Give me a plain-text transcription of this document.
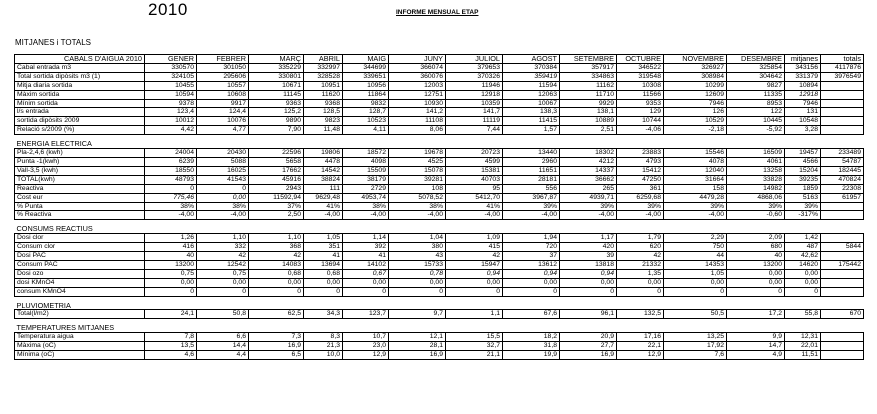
2010	INFORME MENSUAL ETAP
MITJANES i TOTALS
CABALS D'AIGUA 2010	GENER	FEBRER	MARÇ	ABRIL	MAIG	JUNY	JULIOL	AGOST	SETEMBRE	OCTUBRE	NOVEMBRE	DESEMBRE	mitjanes	totals
Cabal entrada m3	330570	301050	335229	332997	344699	366074	379653	370384	357917	346522	326927	325854	343156	4117876
Total sortida dipòsits m3 (1)	324105	295606	330801	328528	339651	360076	370326	359419	334863	319548	308984	304642	331379	3976549
Mitja diaria sortida	10455	10557	10671	10951	10956	12003	11946	11594	11162	10308	10299	9827	10894	
Màxim sortida	10594	10608	11145	11620	11864	12751	12918	12063	11710	11566	12609	11335	12918	
Mínim sortida	9378	9917	9363	9368	9832	10930	10359	10067	9929	9353	7946	8953	7946	
l/s entrada	123,4	124,4	125,2	128,5	128,7	141,2	141,7	138,3	138,1	129	126	122	131	
sortida dipòsits 2009	10012	10076	9890	9823	10523	11108	11119	11415	10889	10744	10529	10445	10548	
Relació s/2009 (%)	4,42	4,77	7,90	11,48	4,11	8,06	7,44	1,57	2,51	-4,06	-2,18	-5,92	3,28	

ENERGIA ELECTRICA														
Pla-2,4,6 (kwh)	24004	20430	22596	19806	18572	19678	20723	13440	18302	23883	15546	16509	19457	233489
Punta -1(kwh)	6239	5088	5658	4478	4098	4525	4599	2960	4212	4793	4078	4061	4566	54787
Vall-3,5 (kwh)	18550	16025	17662	14542	15509	15078	15381	11651	14337	15412	12040	13258	15204	182445
TOTAL(kwh)	48793	41543	45916	38824	38179	39281	40703	28181	36662	47250	31664	33828	39235	470824
Reactiva	0	0	2943	111	2729	108	95	556	265	361	158	14982	1859	22308
Cost eur	775,46	0,00	11592,94	9629,48	4953,74	5078,52	5412,70	3967,87	4939,71	6259,68	4479,28	4868,06	5163	61957
% Punta	38%	38%	37%	41%	38%	38%	41%	39%	39%	39%	39%	39%	39%	
% Reactiva	-4,00	-4,00	2,50	-4,00	-4,00	-4,00	-4,00	-4,00	-4,00	-4,00	-4,00	-0,60	-317%	

CONSUMS REACTIUS														
Dosi clor	1,26	1,10	1,10	1,05	1,14	1,04	1,09	1,94	1,17	1,79	2,29	2,09	1,42	
Consum clor	416	332	368	351	392	380	415	720	420	620	750	680	487	5844
Dosi PAC	40	42	42	41	41	43	42	37	39	42	44	40	42,62	
Consum PAC	13200	12542	14083	13694	14102	15733	15947	13612	13818	21332	14353	13200	14620	175442
Dosi ozo	0,75	0,75	0,68	0,68	0,67	0,78	0,94	0,94	0,94	1,35	1,05	0,00	0,00	
dosi KMnO4	0,00	0,00	0,00	0,00	0,00	0,00	0,00	0,00	0,00	0,00	0,00	0,00	0,00	
consum KMnO4	0	0	0	0	0	0	0	0	0	0	0	0	0	

PLUVIOMETRIA														
Total(l/m2)	24,1	50,8	62,5	34,3	123,7	9,7	1,1	67,6	96,1	132,5	50,5	17,2	55,8	670

TEMPERATURES MITJANES														
Temperatura aigua	7,8	6,6	7,3	8,3	10,7	12,1	15,5	18,2	20,9	17,16	13,25	9,9	12,31	
Màxima (oC)	13,5	14,4	16,9	21,3	23,0	28,1	32,7	31,8	27,7	22,1	17,92	14,7	22,01	
Mínima (oC)	4,6	4,4	6,5	10,0	12,9	16,9	21,1	19,9	16,9	12,9	7,6	4,9	11,51	
